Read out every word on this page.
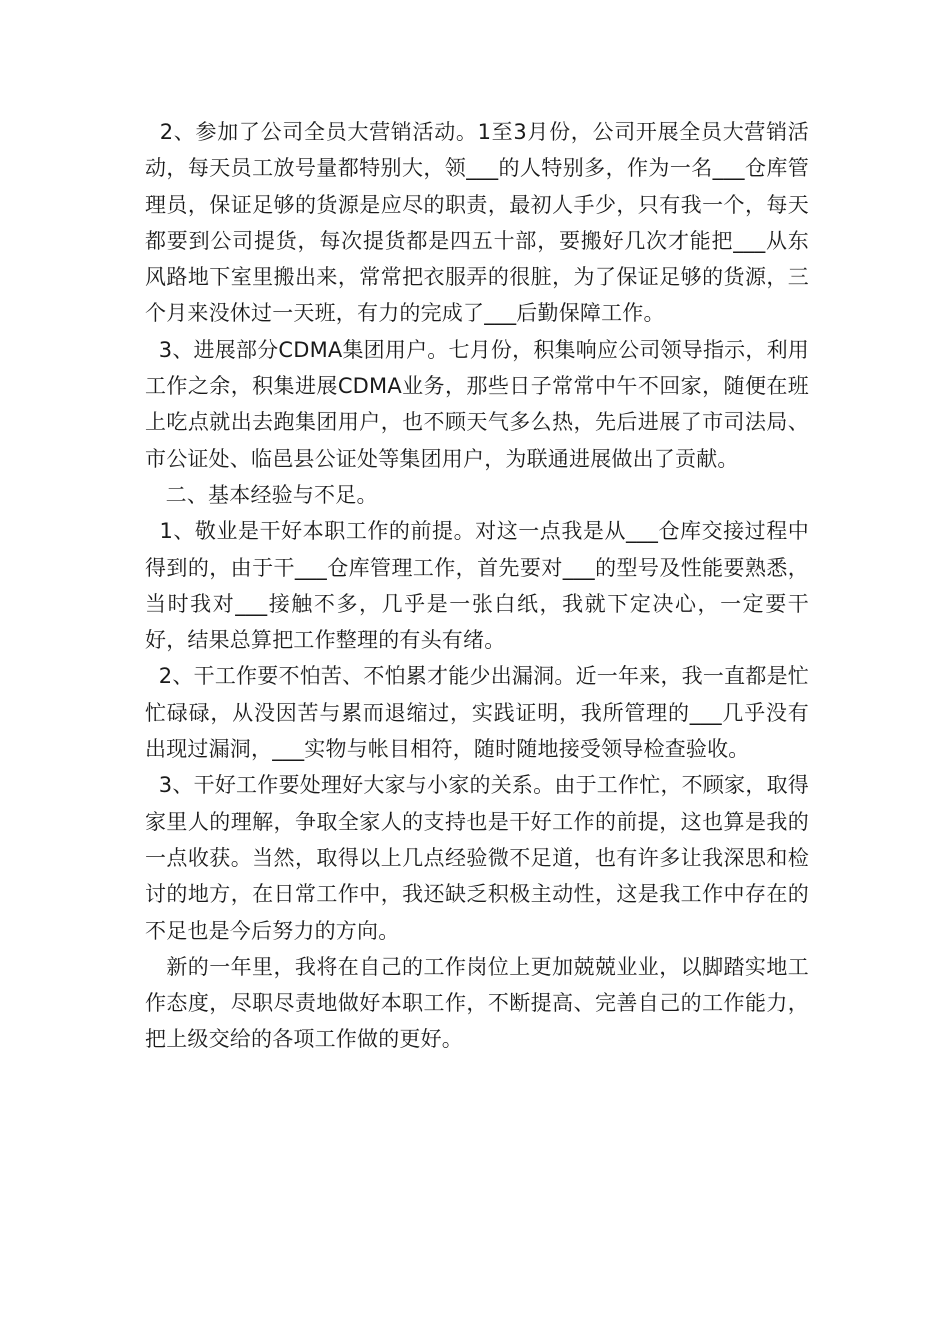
2、参加了公司全员大营销活动。1至3月份，公司开展全员大营销活动，每天员工放号量都特别大，领___的人特别多，作为一名___仓库管理员，保证足够的货源是应尽的职责，最初人手少，只有我一个，每天都要到公司提货，每次提货都是四五十部，要搬好几次才能把___从东风路地下室里搬出来，常常把衣服弄的很脏，为了保证足够的货源，三个月来没休过一天班，有力的完成了___后勤保障工作。

3、进展部分CDMA集团用户。七月份，积集响应公司领导指示，利用工作之余，积集进展CDMA业务，那些日子常常中午不回家，随便在班上吃点就出去跑集团用户，也不顾天气多么热，先后进展了市司法局、市公证处、临邑县公证处等集团用户，为联通进展做出了贡献。

二、基本经验与不足。

1、敬业是干好本职工作的前提。对这一点我是从___仓库交接过程中得到的，由于干___仓库管理工作，首先要对___的型号及性能要熟悉，当时我对___接触不多，几乎是一张白纸，我就下定决心，一定要干好，结果总算把工作整理的有头有绪。

2、干工作要不怕苦、不怕累才能少出漏洞。近一年来，我一直都是忙忙碌碌，从没因苦与累而退缩过，实践证明，我所管理的___几乎没有出现过漏洞，___实物与帐目相符，随时随地接受领导检查验收。

3、干好工作要处理好大家与小家的关系。由于工作忙，不顾家，取得家里人的理解，争取全家人的支持也是干好工作的前提，这也算是我的一点收获。当然，取得以上几点经验微不足道，也有许多让我深思和检讨的地方，在日常工作中，我还缺乏积极主动性，这是我工作中存在的不足也是今后努力的方向。

新的一年里，我将在自己的工作岗位上更加兢兢业业，以脚踏实地工作态度，尽职尽责地做好本职工作，不断提高、完善自己的工作能力，把上级交给的各项工作做的更好。
